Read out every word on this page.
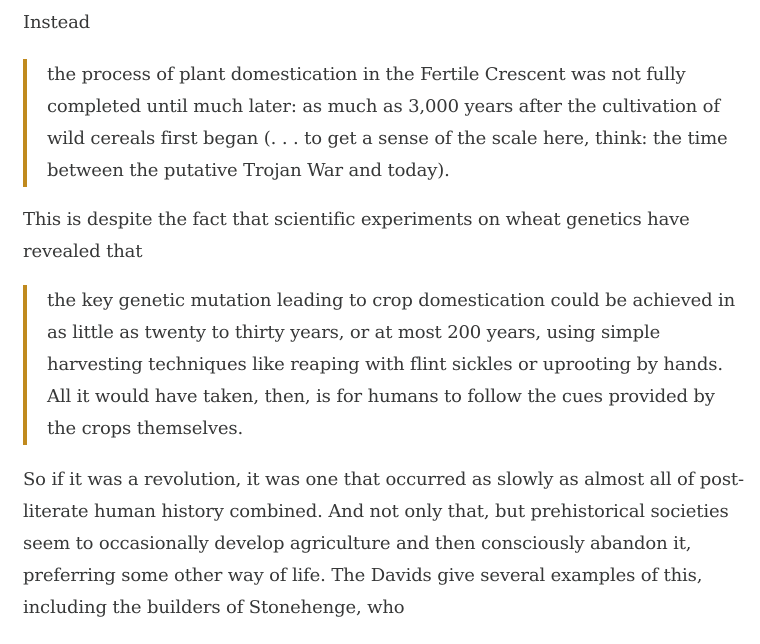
Instead

the process of plant domestication in the Fertile Crescent was not fully completed until much later: as much as 3,000 years after the cultivation of wild cereals first began (. . . to get a sense of the scale here, think: the time between the putative Trojan War and today).

This is despite the fact that scientific experiments on wheat genetics have revealed that

the key genetic mutation leading to crop domestication could be achieved in as little as twenty to thirty years, or at most 200 years, using simple harvesting techniques like reaping with flint sickles or uprooting by hands. All it would have taken, then, is for humans to follow the cues provided by the crops themselves.

So if it was a revolution, it was one that occurred as slowly as almost all of post-literate human history combined. And not only that, but prehistorical societies seem to occasionally develop agriculture and then consciously abandon it, preferring some other way of life. The Davids give several examples of this, including the builders of Stonehenge, who
